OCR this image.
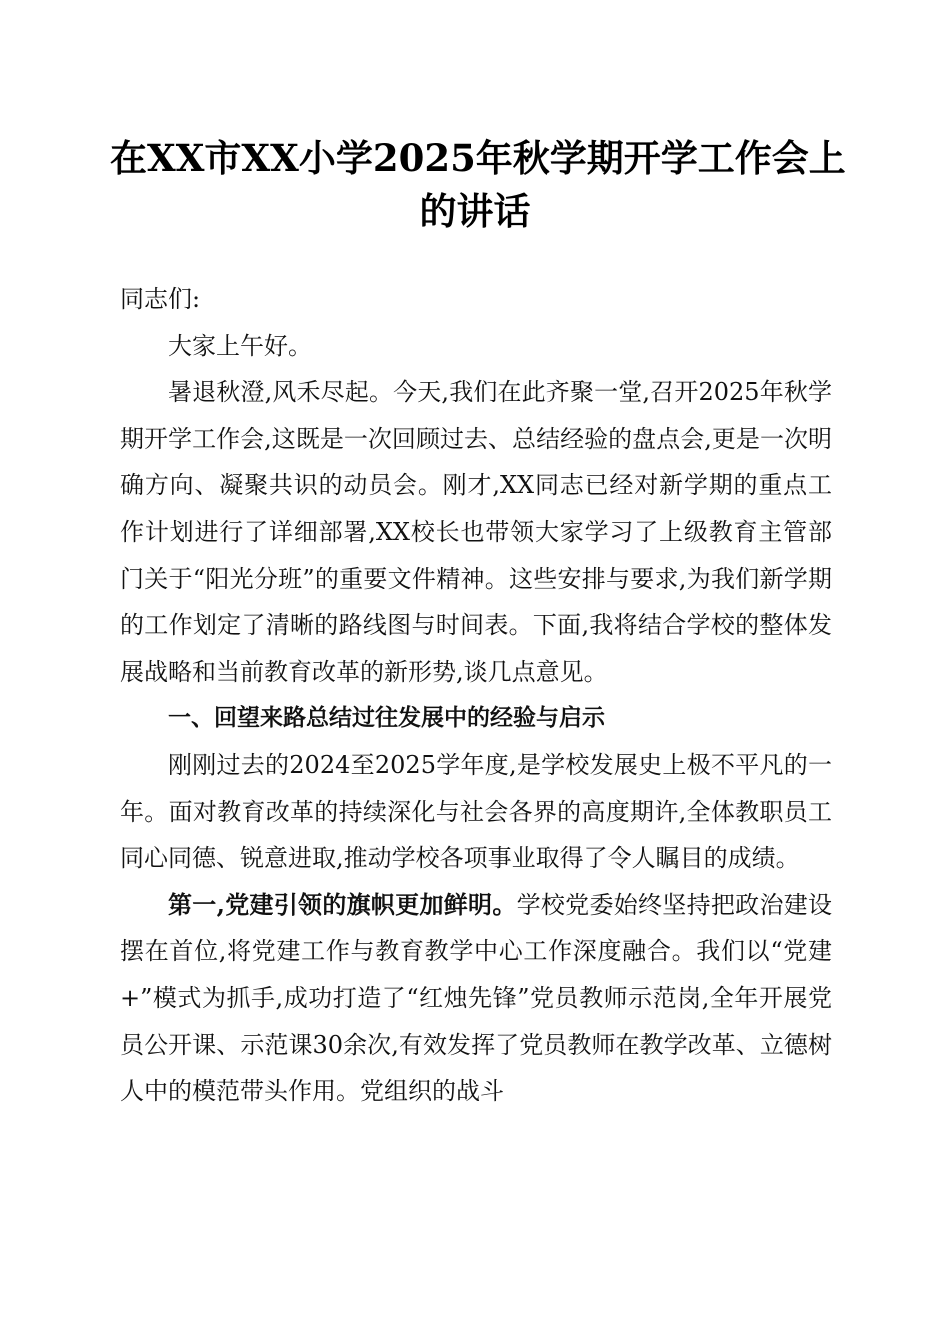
在XX市XX小学2025年秋学期开学工作会上
的讲话

同志们:

大家上午好。

暑退秋澄,风禾尽起。今天,我们在此齐聚一堂,召开2025年秋学期开学工作会,这既是一次回顾过去、总结经验的盘点会,更是一次明确方向、凝聚共识的动员会。刚才,XX同志已经对新学期的重点工作计划进行了详细部署,XX校长也带领大家学习了上级教育主管部门关于“阳光分班”的重要文件精神。这些安排与要求,为我们新学期的工作划定了清晰的路线图与时间表。下面,我将结合学校的整体发展战略和当前教育改革的新形势,谈几点意见。

一、回望来路总结过往发展中的经验与启示

刚刚过去的2024至2025学年度,是学校发展史上极不平凡的一年。面对教育改革的持续深化与社会各界的高度期许,全体教职员工同心同德、锐意进取,推动学校各项事业取得了令人瞩目的成绩。

第一,党建引领的旗帜更加鲜明。学校党委始终坚持把政治建设摆在首位,将党建工作与教育教学中心工作深度融合。我们以“党建+”模式为抓手,成功打造了“红烛先锋”党员教师示范岗,全年开展党员公开课、示范课30余次,有效发挥了党员教师在教学改革、立德树人中的模范带头作用。党组织的战斗
